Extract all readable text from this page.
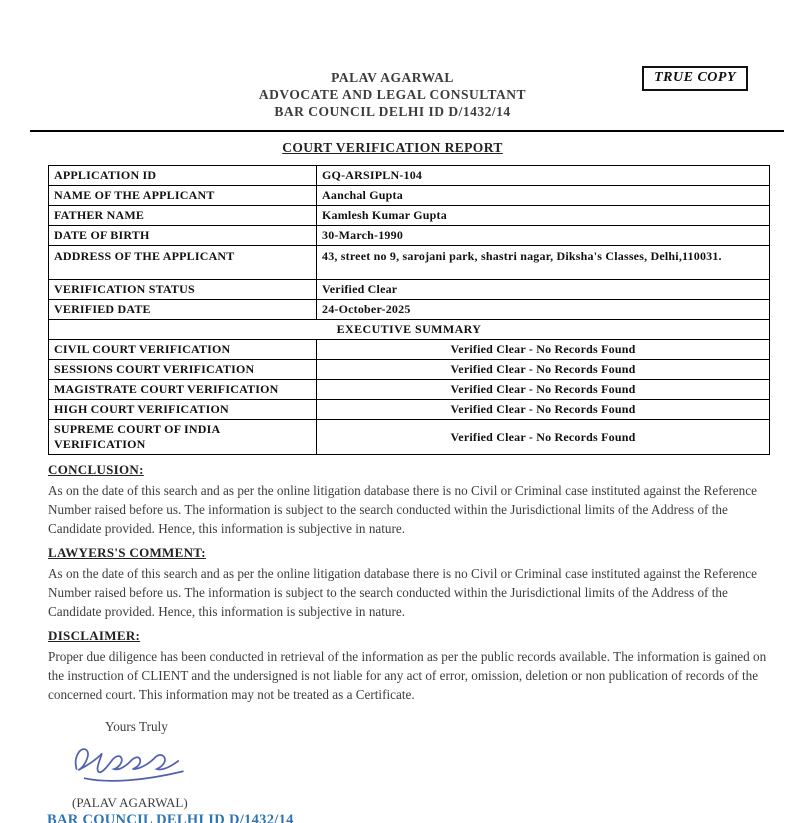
TRUE COPY
PALAV AGARWAL
ADVOCATE AND LEGAL CONSULTANT
BAR COUNCIL DELHI ID D/1432/14
COURT VERIFICATION REPORT
APPLICATION ID	GQ-ARSIPLN-104
NAME OF THE APPLICANT	Aanchal Gupta
FATHER NAME	Kamlesh Kumar Gupta
DATE OF BIRTH	30-March-1990
ADDRESS OF THE APPLICANT	43, street no 9, sarojani park, shastri nagar, Diksha's Classes, Delhi,110031.
VERIFICATION STATUS	Verified Clear
VERIFIED DATE	24-October-2025
EXECUTIVE SUMMARY	
CIVIL COURT VERIFICATION	Verified Clear - No Records Found
SESSIONS COURT VERIFICATION	Verified Clear - No Records Found
MAGISTRATE COURT VERIFICATION	Verified Clear - No Records Found
HIGH COURT VERIFICATION	Verified Clear - No Records Found
SUPREME COURT OF INDIA VERIFICATION	Verified Clear - No Records Found
CONCLUSION:

As on the date of this search and as per the online litigation database there is no Civil or Criminal case instituted against the Reference Number raised before us. The information is subject to the search conducted within the Jurisdictional limits of the Address of the Candidate provided. Hence, this information is subjective in nature.

LAWYERS'S COMMENT:

As on the date of this search and as per the online litigation database there is no Civil or Criminal case instituted against the Reference Number raised before us. The information is subject to the search conducted within the Jurisdictional limits of the Address of the Candidate provided. Hence, this information is subjective in nature.

DISCLAIMER:

Proper due diligence has been conducted in retrieval of the information as per the public records available. The information is gained on the instruction of CLIENT and the undersigned is not liable for any act of error, omission, deletion or non publication of records of the concerned court. This information may not be treated as a Certificate.

Yours Truly
(PALAV AGARWAL)
BAR COUNCIL DELHI ID D/1432/14
